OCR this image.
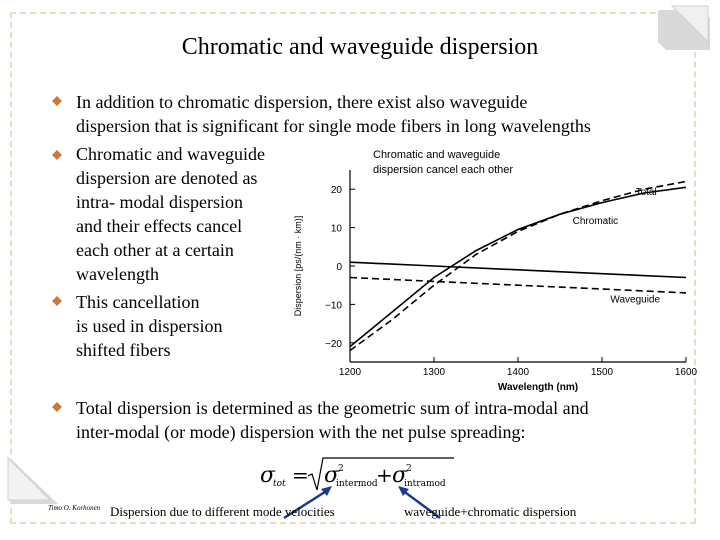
Chromatic and waveguide dispersion
In addition to chromatic dispersion, there exist also waveguide
dispersion that is significant for single mode fibers in long wavelengths
Chromatic and waveguide
dispersion are denoted as
intra- modal dispersion
and their effects cancel
each other at a certain
wavelength
This cancellation
is used in dispersion
shifted fibers
Total dispersion is determined as the geometric sum of intra-modal and
inter-modal (or mode) dispersion with the net pulse spreading:
−20
−10
0
10
20
1200	1300	1400	1500	1600
Wavelength (nm)
Dispersion [ps/(nm · km)]	Chromatic
Total
Waveguide
Chromatic and waveguide
dispersion cancel each other
σ
tot = σ
2
intermod
+ σ
2
intramod
Timo O. Korhonen Dispersion due to different mode velocities	waveguide+chromatic dispersion
